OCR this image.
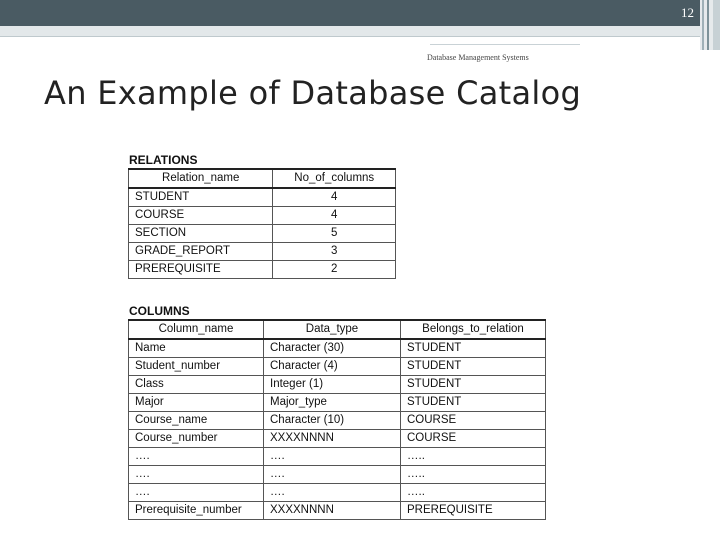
12
Database Management Systems
An Example of Database Catalog
RELATIONS
Relation_name	No_of_columns
STUDENT	4
COURSE	4
SECTION	5
GRADE_REPORT	3
PREREQUISITE	2
COLUMNS
Column_name	Data_type	Belongs_to_relation
Name	Character (30)	STUDENT
Student_number	Character (4)	STUDENT
Class	Integer (1)	STUDENT
Major	Major_type	STUDENT
Course_name	Character (10)	COURSE
Course_number	XXXXNNNN	COURSE
….	….	…..
….	….	…..
….	….	…..
Prerequisite_number	XXXXNNNN	PREREQUISITE
